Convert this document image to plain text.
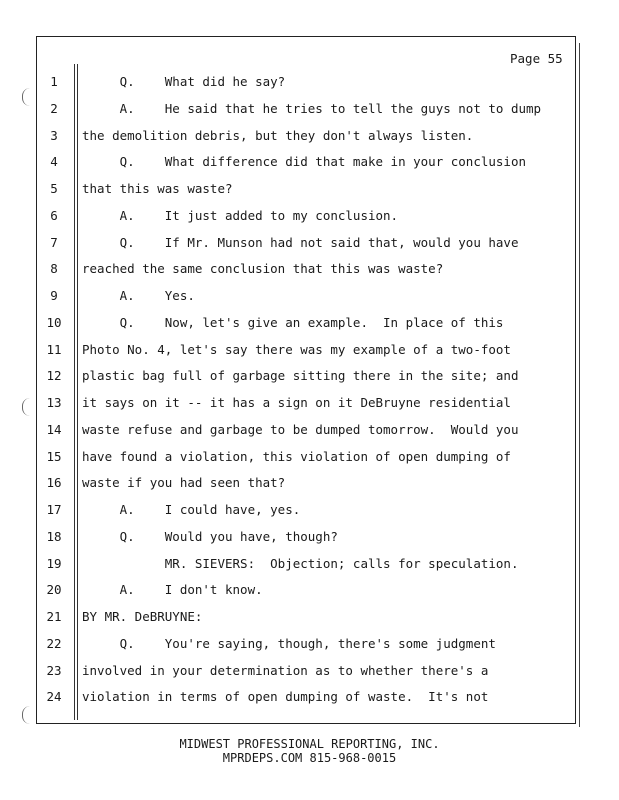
Page 55
1	Q.    What did he say?
2	A.    He said that he tries to tell the guys not to dump
3	the demolition debris, but they don't always listen.
4	Q.    What difference did that make in your conclusion
5	that this was waste?
6	A.    It just added to my conclusion.
7	Q.    If Mr. Munson had not said that, would you have
8	reached the same conclusion that this was waste?
9	A.    Yes.
10	Q.    Now, let's give an example.  In place of this
11	Photo No. 4, let's say there was my example of a two-foot
12	plastic bag full of garbage sitting there in the site; and
13	it says on it -- it has a sign on it DeBruyne residential
14	waste refuse and garbage to be dumped tomorrow.  Would you
15	have found a violation, this violation of open dumping of
16	waste if you had seen that?
17	A.    I could have, yes.
18	Q.    Would you have, though?
19	MR. SIEVERS:  Objection; calls for speculation.
20	A.    I don't know.
21	BY MR. DeBRUYNE:
22	Q.    You're saying, though, there's some judgment
23	involved in your determination as to whether there's a
24	violation in terms of open dumping of waste.  It's not
MIDWEST PROFESSIONAL REPORTING, INC.
MPRDEPS.COM 815-968-0015
